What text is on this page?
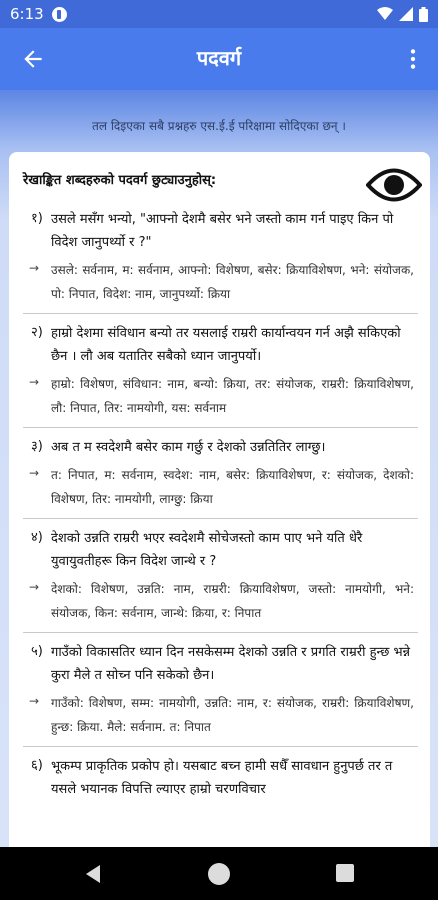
6:13
पदवर्ग
तल दिइएका सबै प्रश्नहरु एस.ई.ई परिक्षामा सोदिएका छन् ।
रेखाङ्कित शब्दहरुको पदवर्ग छुट्याउनुहोस्:
१) उसले मसँग भन्यो, "आफ्नो देशमै बसेर भने जस्तो काम गर्न पाइए किन पो विदेश जानुपर्थ्यो र ?"
→ उसले: सर्वनाम, म: सर्वनाम, आफ्नो: विशेषण, बसेर: क्रियाविशेषण, भने: संयोजक, पो: निपात, विदेश: नाम, जानुपर्थ्यो: क्रिया
२) हाम्रो देशमा संविधान बन्यो तर यसलाई राम्ररी कार्यान्वयन गर्न अझै सकिएको छैन । लौ अब यतातिर सबैको ध्यान जानुपर्यो।
→ हाम्रो: विशेषण, संविधान: नाम, बन्यो: क्रिया, तर: संयोजक, राम्ररी: क्रियाविशेषण, लौ: निपात, तिर: नामयोगी, यस: सर्वनाम
३) अब त म स्वदेशमै बसेर काम गर्छु र देशको उन्नतितिर लाग्छु।
→ त: निपात, म: सर्वनाम, स्वदेश: नाम, बसेर: क्रियाविशेषण, र: संयोजक, देशको: विशेषण, तिर: नामयोगी, लाग्छु: क्रिया
४) देशको उन्नति राम्ररी भएर स्वदेशमै सोचेजस्तो काम पाए भने यति धेरै युवायुवतीहरू किन विदेश जान्थे र ?
→ देशको: विशेषण, उन्नति: नाम, राम्ररी: क्रियाविशेषण, जस्तो: नामयोगी, भने: संयोजक, किन: सर्वनाम, जान्थे: क्रिया, र: निपात
५) गाउँको विकासतिर ध्यान दिन नसकेसम्म देशको उन्नति र प्रगति राम्ररी हुन्छ भन्ने कुरा मैले त सोच्न पनि सकेको छैन।
→ गाउँको: विशेषण, सम्म: नामयोगी, उन्नति: नाम, र: संयोजक, राम्ररी: क्रियाविशेषण, हुन्छ: क्रिया. मैले: सर्वनाम. त: निपात
६) भूकम्प प्राकृतिक प्रकोप हो। यसबाट बच्न हामी सधैँ सावधान हुनुपर्छ तर त यसले भयानक विपत्ति ल्याएर हाम्रो चरणविचार
